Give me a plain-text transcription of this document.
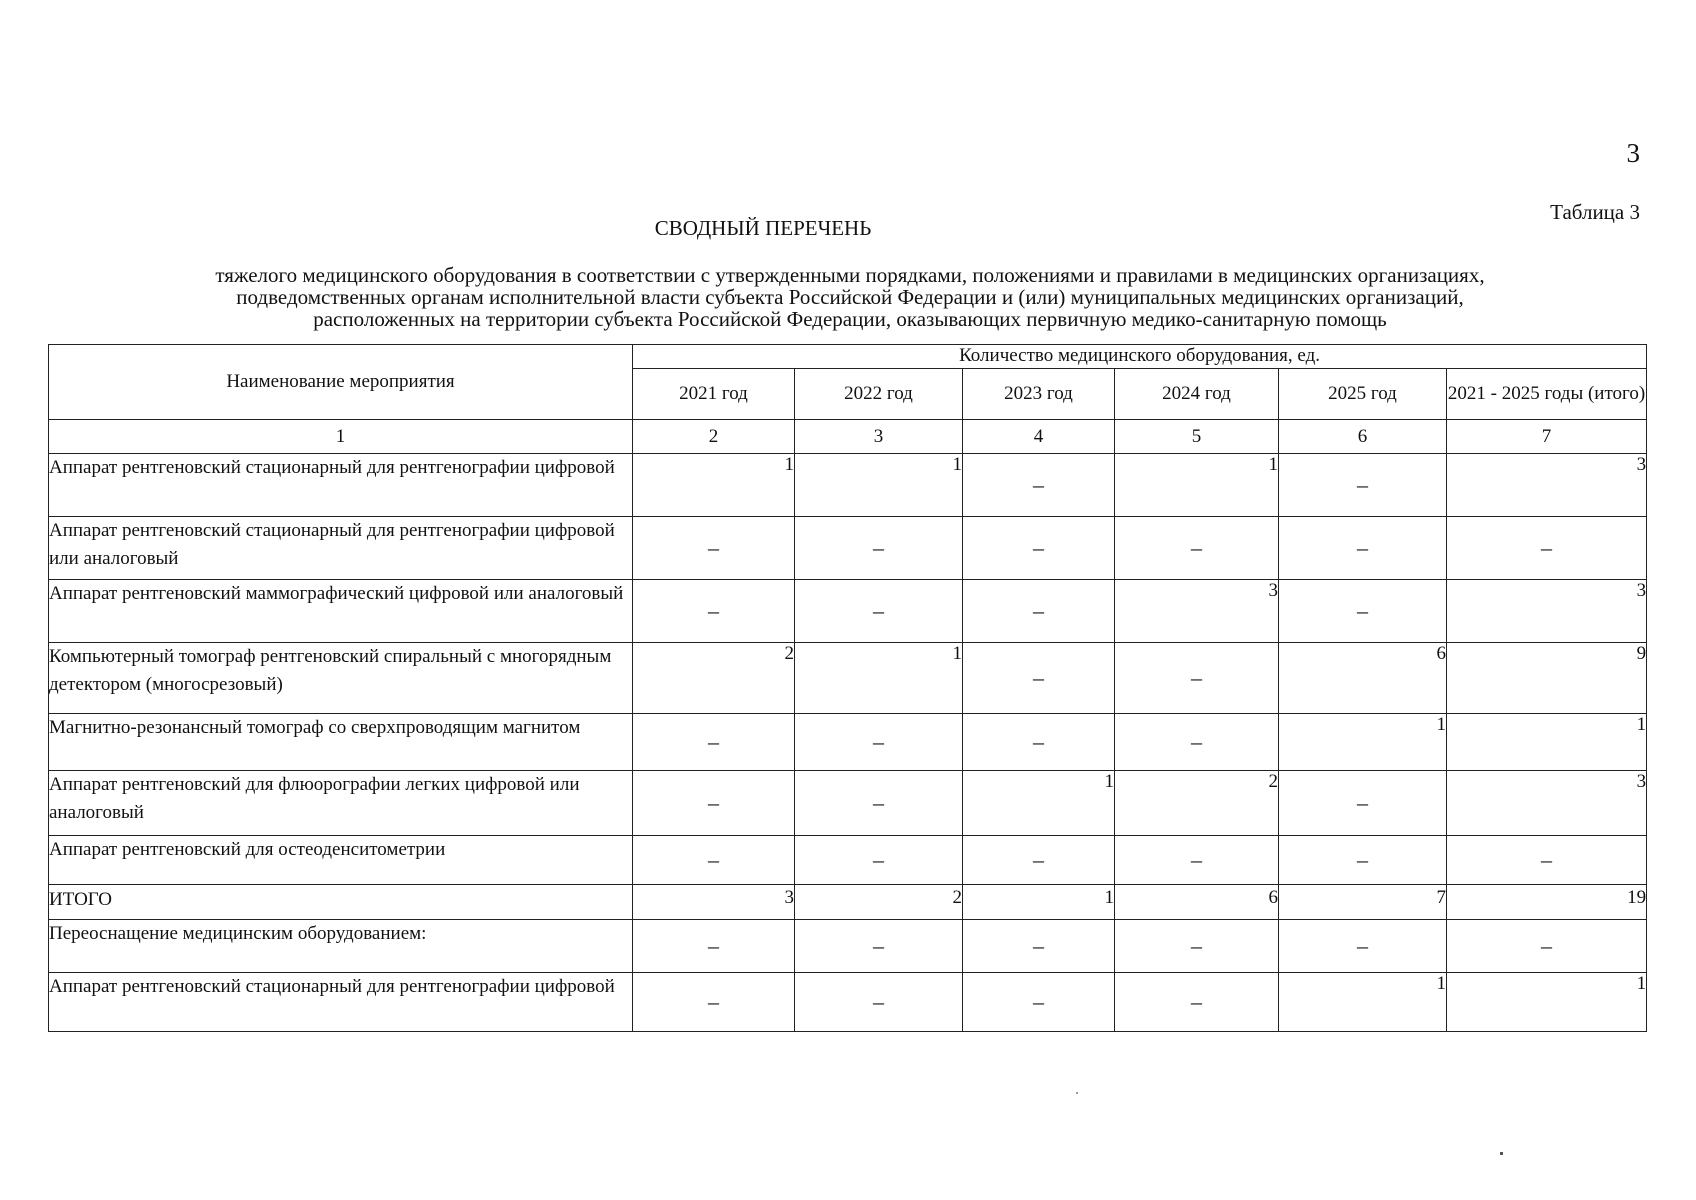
3
Таблица 3
СВОДНЫЙ ПЕРЕЧЕНЬ
тяжелого медицинского оборудования в соответствии с утвержденными порядками, положениями и правилами в медицинских организациях,
подведомственных органам исполнительной власти субъекта Российской Федерации и (или) муниципальных медицинских организаций,
расположенных на территории субъекта Российской Федерации, оказывающих первичную медико-санитарную помощь
Наименование мероприятия	Количество медицинского оборудования, ед.					
	2021 год	2022 год	2023 год	2024 год	2025 год	2021 - 2025 годы (итого)
1	2	3	4	5	6	7
Аппарат рентгеновский стационарный для рентгенографии цифровой	1	1	–	1	–	3
Аппарат рентгеновский стационарный для рентгенографии цифровой или аналоговый	–	–	–	–	–	–
Аппарат рентгеновский маммографический цифровой или аналоговый	–	–	–	3	–	3
Компьютерный томограф рентгеновский спиральный с многорядным детектором (многосрезовый)	2	1	–	–	6	9
Магнитно-резонансный томограф со сверхпроводящим магнитом	–	–	–	–	1	1
Аппарат рентгеновский для флюорографии легких цифровой или аналоговый	–	–	1	2	–	3
Аппарат рентгеновский для остеоденситометрии	–	–	–	–	–	–
ИТОГО	3	2	1	6	7	19
Переоснащение медицинским оборудованием:	–	–	–	–	–	–
Аппарат рентгеновский стационарный для рентгенографии цифровой	–	–	–	–	1	1
